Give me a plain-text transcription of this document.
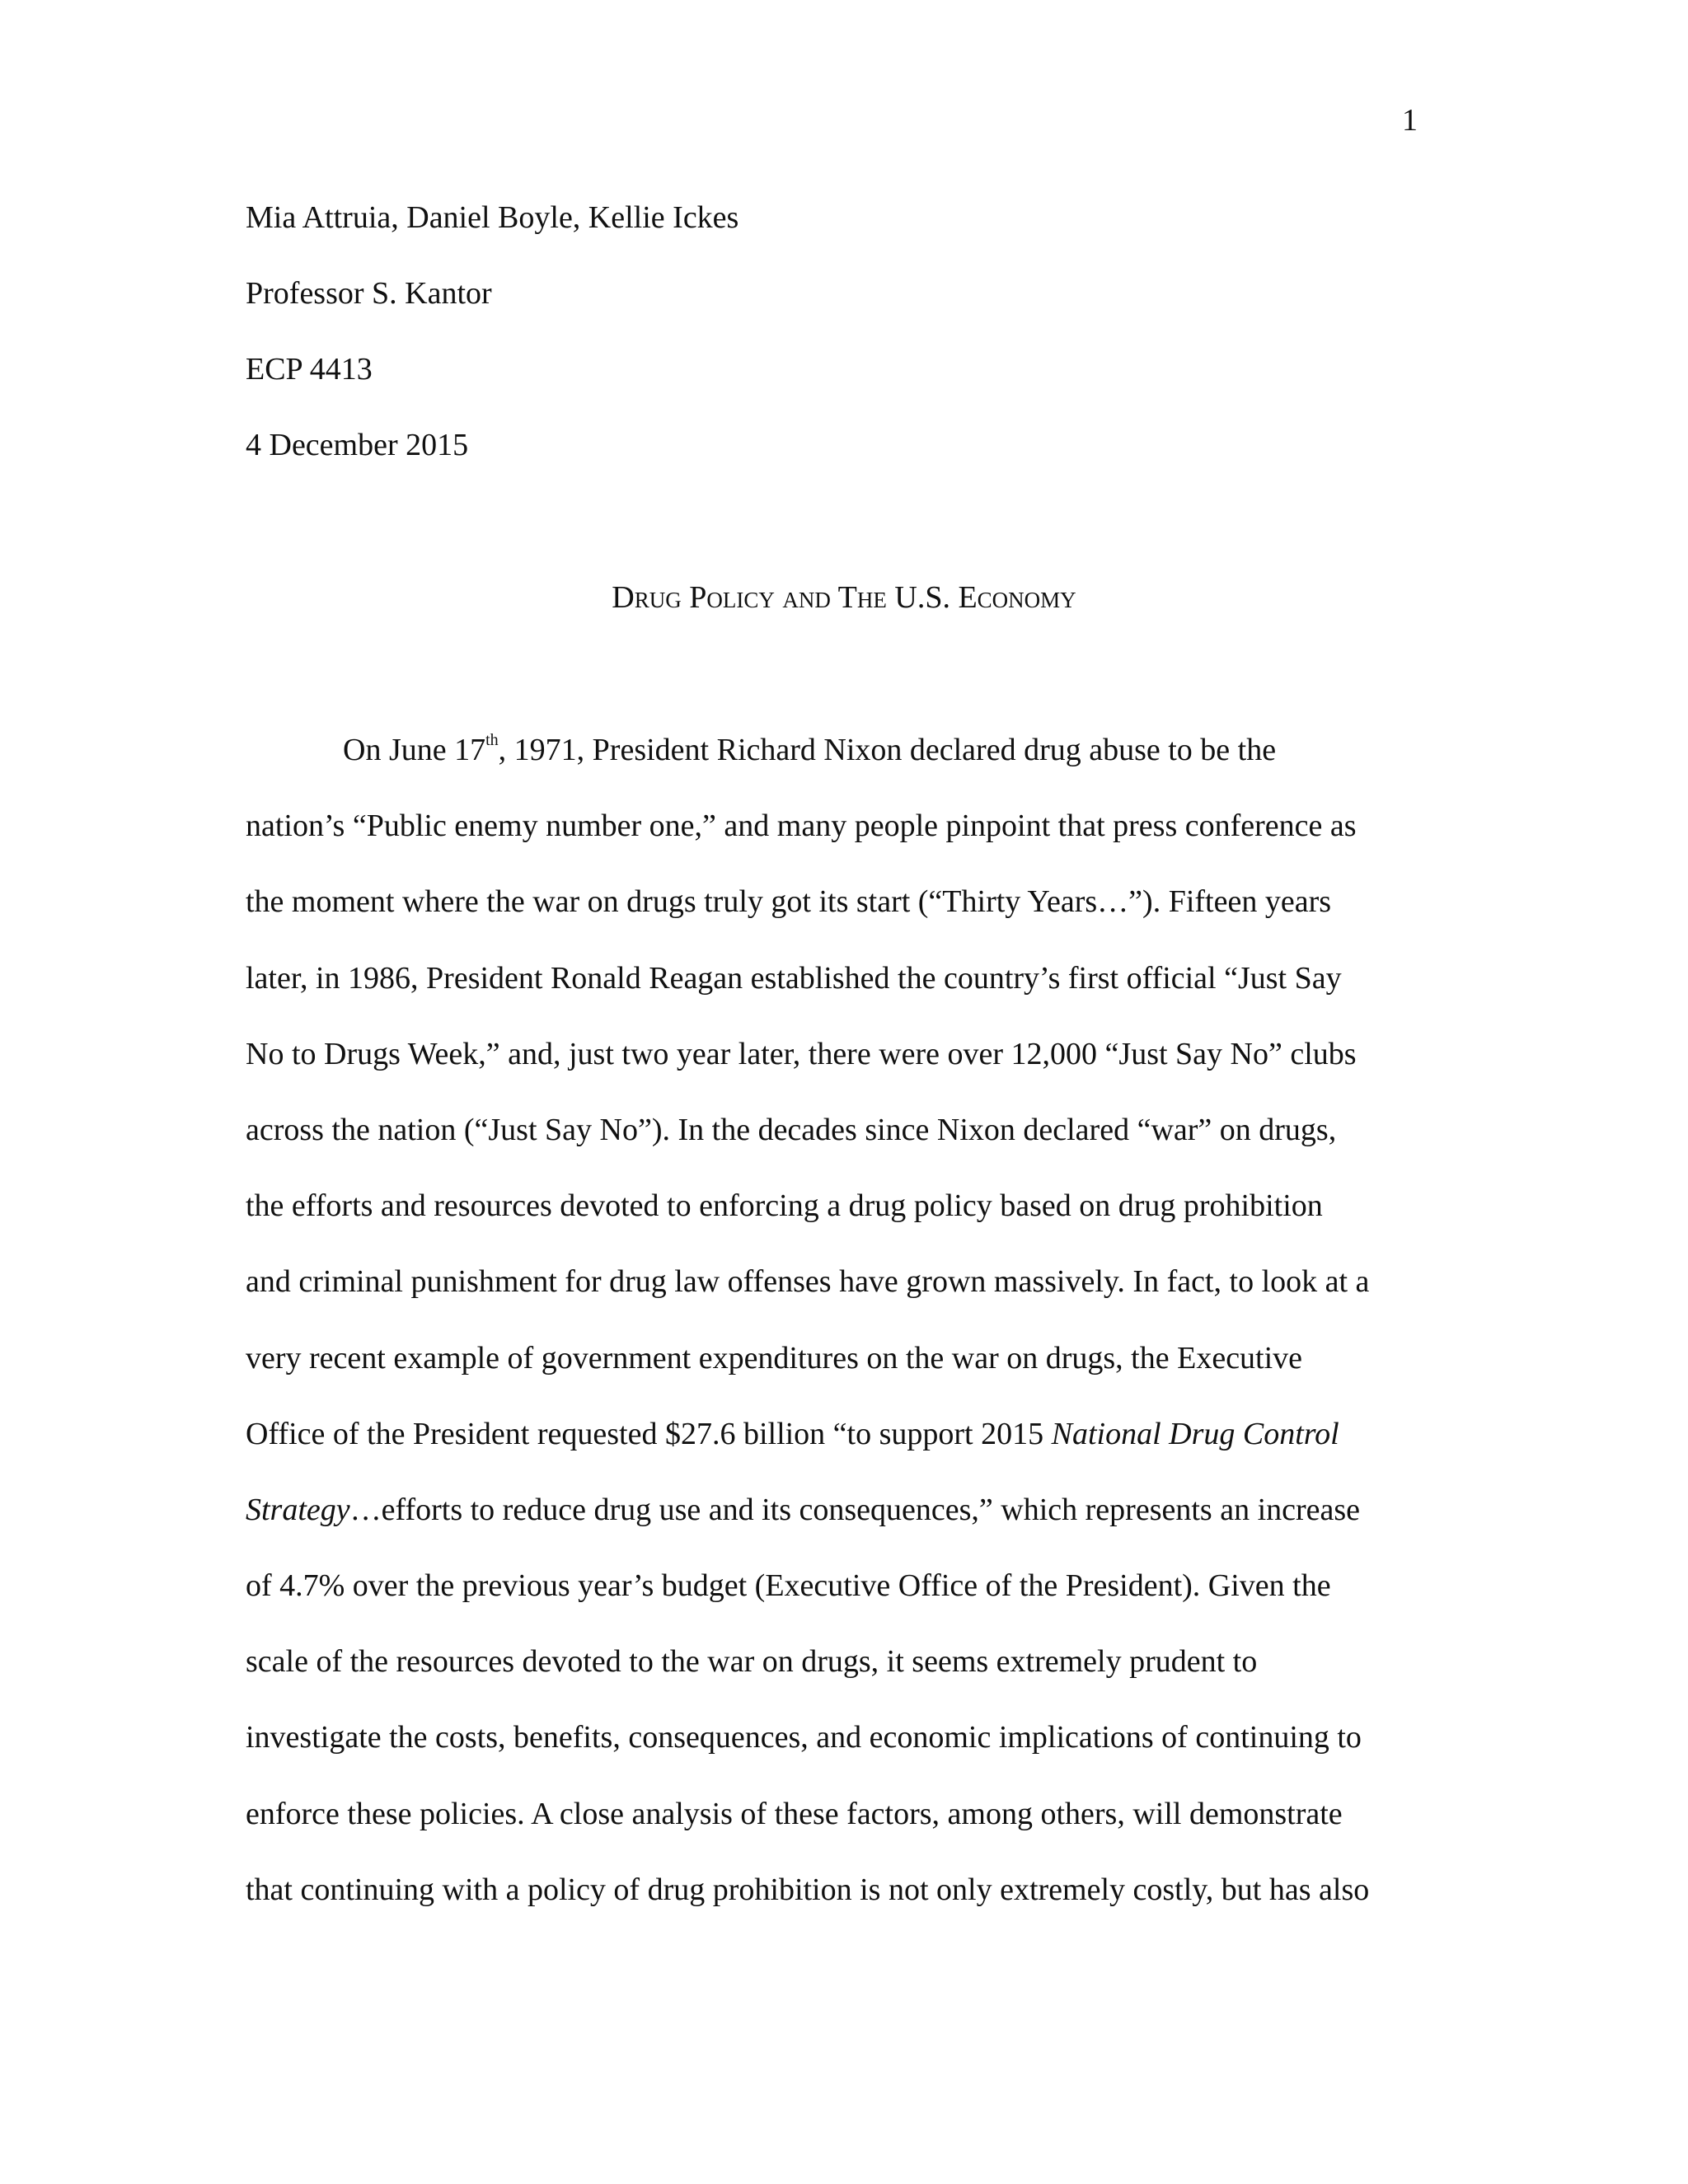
1
Mia Attruia, Daniel Boyle, Kellie Ickes
Professor S. Kantor
ECP 4413
4 December 2015
Drug Policy and The U.S. Economy
On June 17th, 1971, President Richard Nixon declared drug abuse to be the
nation’s “Public enemy number one,” and many people pinpoint that press conference as
the moment where the war on drugs truly got its start (“Thirty Years…”). Fifteen years
later, in 1986, President Ronald Reagan established the country’s first official “Just Say
No to Drugs Week,” and, just two year later, there were over 12,000 “Just Say No” clubs
across the nation (“Just Say No”). In the decades since Nixon declared “war” on drugs,
the efforts and resources devoted to enforcing a drug policy based on drug prohibition
and criminal punishment for drug law offenses have grown massively. In fact, to look at a
very recent example of government expenditures on the war on drugs, the Executive
Office of the President requested $27.6 billion “to support 2015 National Drug Control
Strategy…efforts to reduce drug use and its consequences,” which represents an increase
of 4.7% over the previous year’s budget (Executive Office of the President). Given the
scale of the resources devoted to the war on drugs, it seems extremely prudent to
investigate the costs, benefits, consequences, and economic implications of continuing to
enforce these policies. A close analysis of these factors, among others, will demonstrate
that continuing with a policy of drug prohibition is not only extremely costly, but has also
